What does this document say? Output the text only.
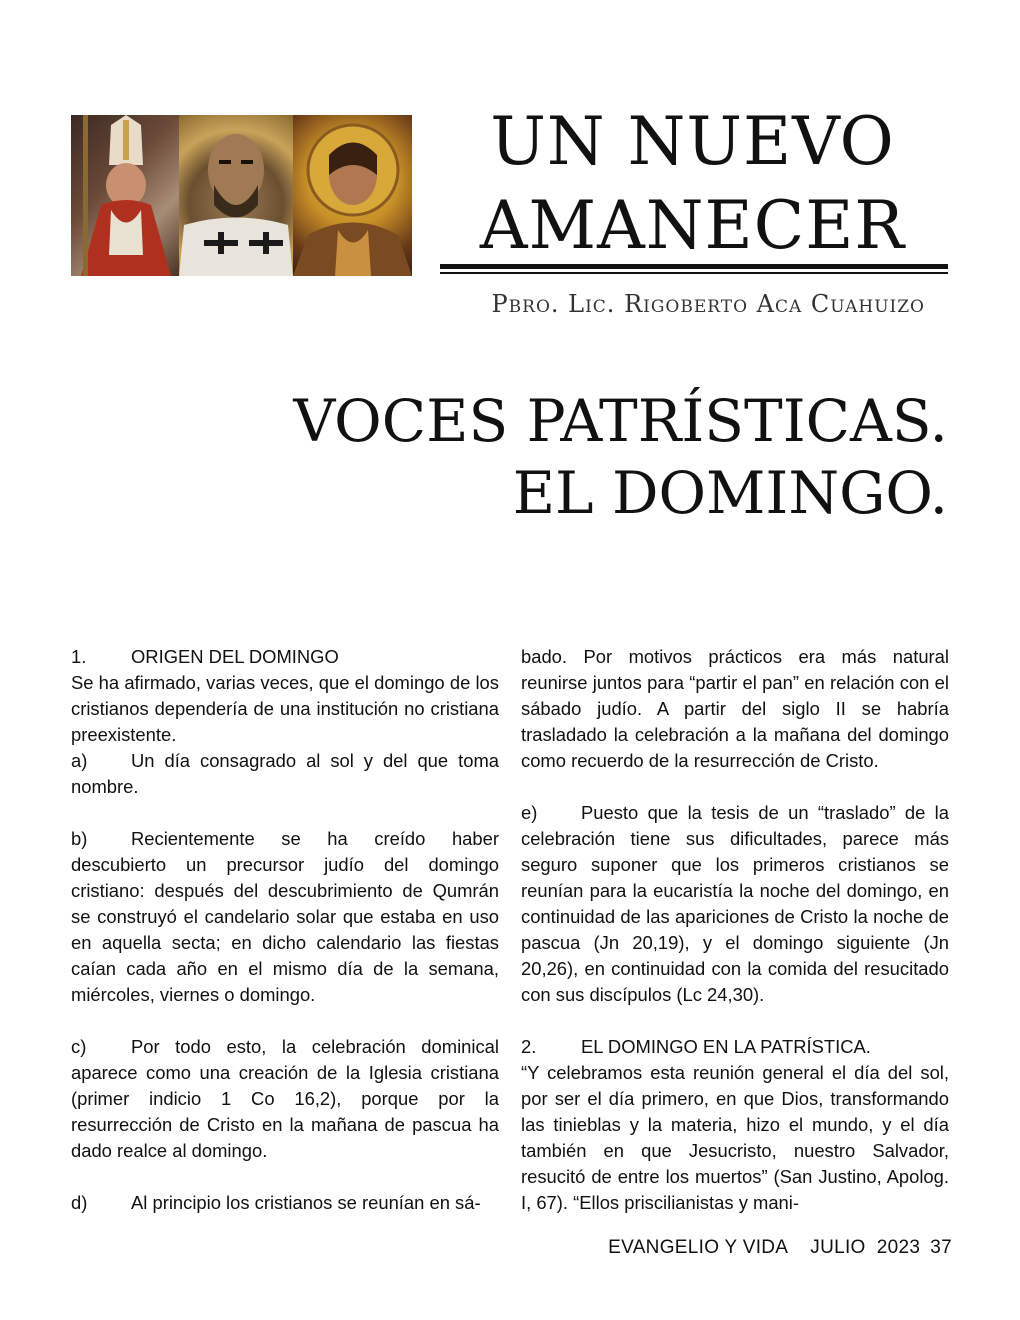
UN NUEVO
AMANECER
Pbro. Lic. Rigoberto Aca Cuahuizo
VOCES PATRÍSTICAS.
EL DOMINGO.

1. ORIGEN DEL DOMINGO

Se ha afirmado, varias veces, que el domingo de los cristianos dependería de una institución no cristiana preexistente.

a) Un día consagrado al sol y del que toma nombre.

b) Recientemente se ha creído haber descubierto un precursor judío del domingo cristiano: después del descubrimiento de Qumrán se construyó el candelario solar que estaba en uso en aquella secta; en dicho calendario las fiestas caían cada año en el mismo día de la semana, miércoles, viernes o domingo.

c) Por todo esto, la celebración dominical aparece como una creación de la Iglesia cristiana (primer indicio 1 Co 16,2), porque por la resurrección de Cristo en la mañana de pascua ha dado realce al domingo.

d) Al principio los cristianos se reunían en sá-

bado. Por motivos prácticos era más natural reunirse juntos para “partir el pan” en relación con el sábado judío. A partir del siglo II se habría trasladado la celebración a la mañana del domingo como recuerdo de la resurrección de Cristo.

e) Puesto que la tesis de un “traslado” de la celebración tiene sus dificultades, parece más seguro suponer que los primeros cristianos se reunían para la eucaristía la noche del domingo, en continuidad de las apariciones de Cristo la noche de pascua (Jn 20,19), y el domingo siguiente (Jn 20,26), en continuidad con la comida del resucitado con sus discípulos (Lc 24,30).

2. EL DOMINGO EN LA PATRÍSTICA.

“Y celebramos esta reunión general el día del sol, por ser el día primero, en que Dios, transformando las tinieblas y la materia, hizo el mundo, y el día también en que Jesucristo, nuestro Salvador, resucitó de entre los muertos” (San Justino, Apolog. I, 67). “Ellos priscilianistas y mani-

EVANGELIO Y VIDA JULIO  2023 37
